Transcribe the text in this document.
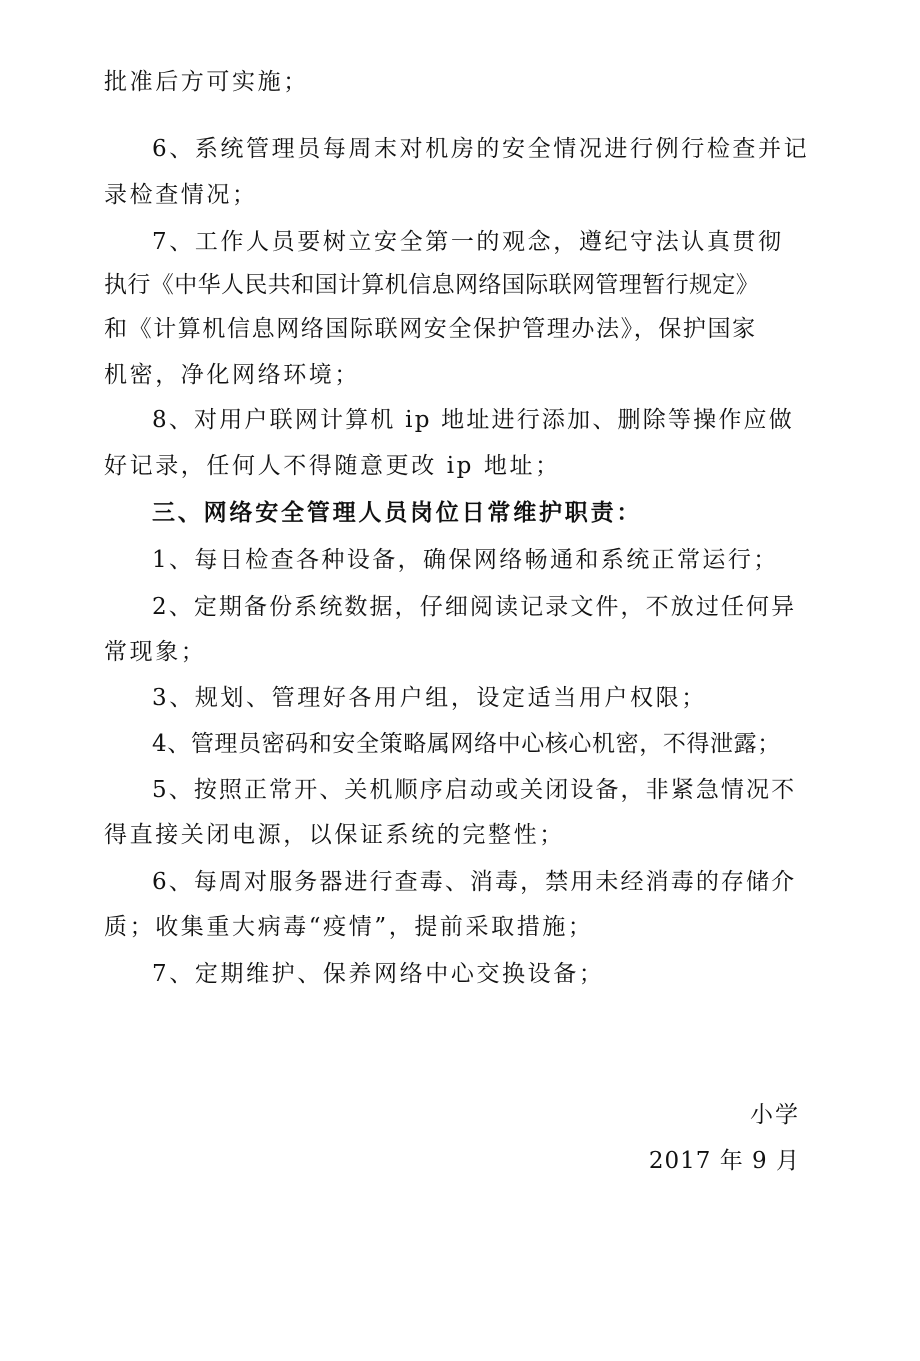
批准后方可实施；
6、系统管理员每周末对机房的安全情况进行例行检查并记
录检查情况；
7、工作人员要树立安全第一的观念，遵纪守法认真贯彻
执行《中华人民共和国计算机信息网络国际联网管理暂行规定》
和《计算机信息网络国际联网安全保护管理办法》，保护国家
机密，净化网络环境；
8、对用户联网计算机 ip 地址进行添加、删除等操作应做
好记录，任何人不得随意更改 ip 地址；
三、网络安全管理人员岗位日常维护职责：
1、每日检查各种设备，确保网络畅通和系统正常运行；
2、定期备份系统数据，仔细阅读记录文件，不放过任何异
常现象；
3、规划、管理好各用户组，设定适当用户权限；
4、管理员密码和安全策略属网络中心核心机密，不得泄露；
5、按照正常开、关机顺序启动或关闭设备，非紧急情况不
得直接关闭电源，以保证系统的完整性；
6、每周对服务器进行查毒、消毒，禁用未经消毒的存储介
质；收集重大病毒“疫情”，提前采取措施；
7、定期维护、保养网络中心交换设备；
小学
2017 年 9 月
